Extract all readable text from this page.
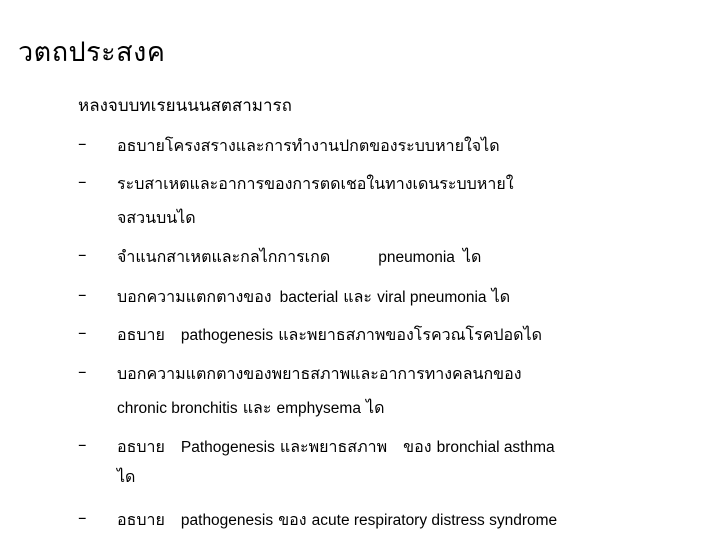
วตถประสงค
หลงจบบทเรยนนนสตสามารถ
– อธบายโครงสรางและการทำงานปกตของระบบหายใจได
– ระบสาเหตและอาการของการตดเชอในทางเดนระบบหายใ
จสวนบนได
– จำแนกสาเหตและกลไกการเกด	pneumonia ได
– บอกความแตกตางของ bacterial และ viral pneumonia ได
– อธบาย pathogenesis และพยาธสภาพของโรควณโรคปอดได
– บอกความแตกตางของพยาธสภาพและอาการทางคลนกของ
chronic bronchitis และ emphysema ได
– อธบาย Pathogenesis และพยาธสภาพ ของ bronchial asthma
ได
– อธบาย pathogenesis ของ acute respiratory distress syndrome
